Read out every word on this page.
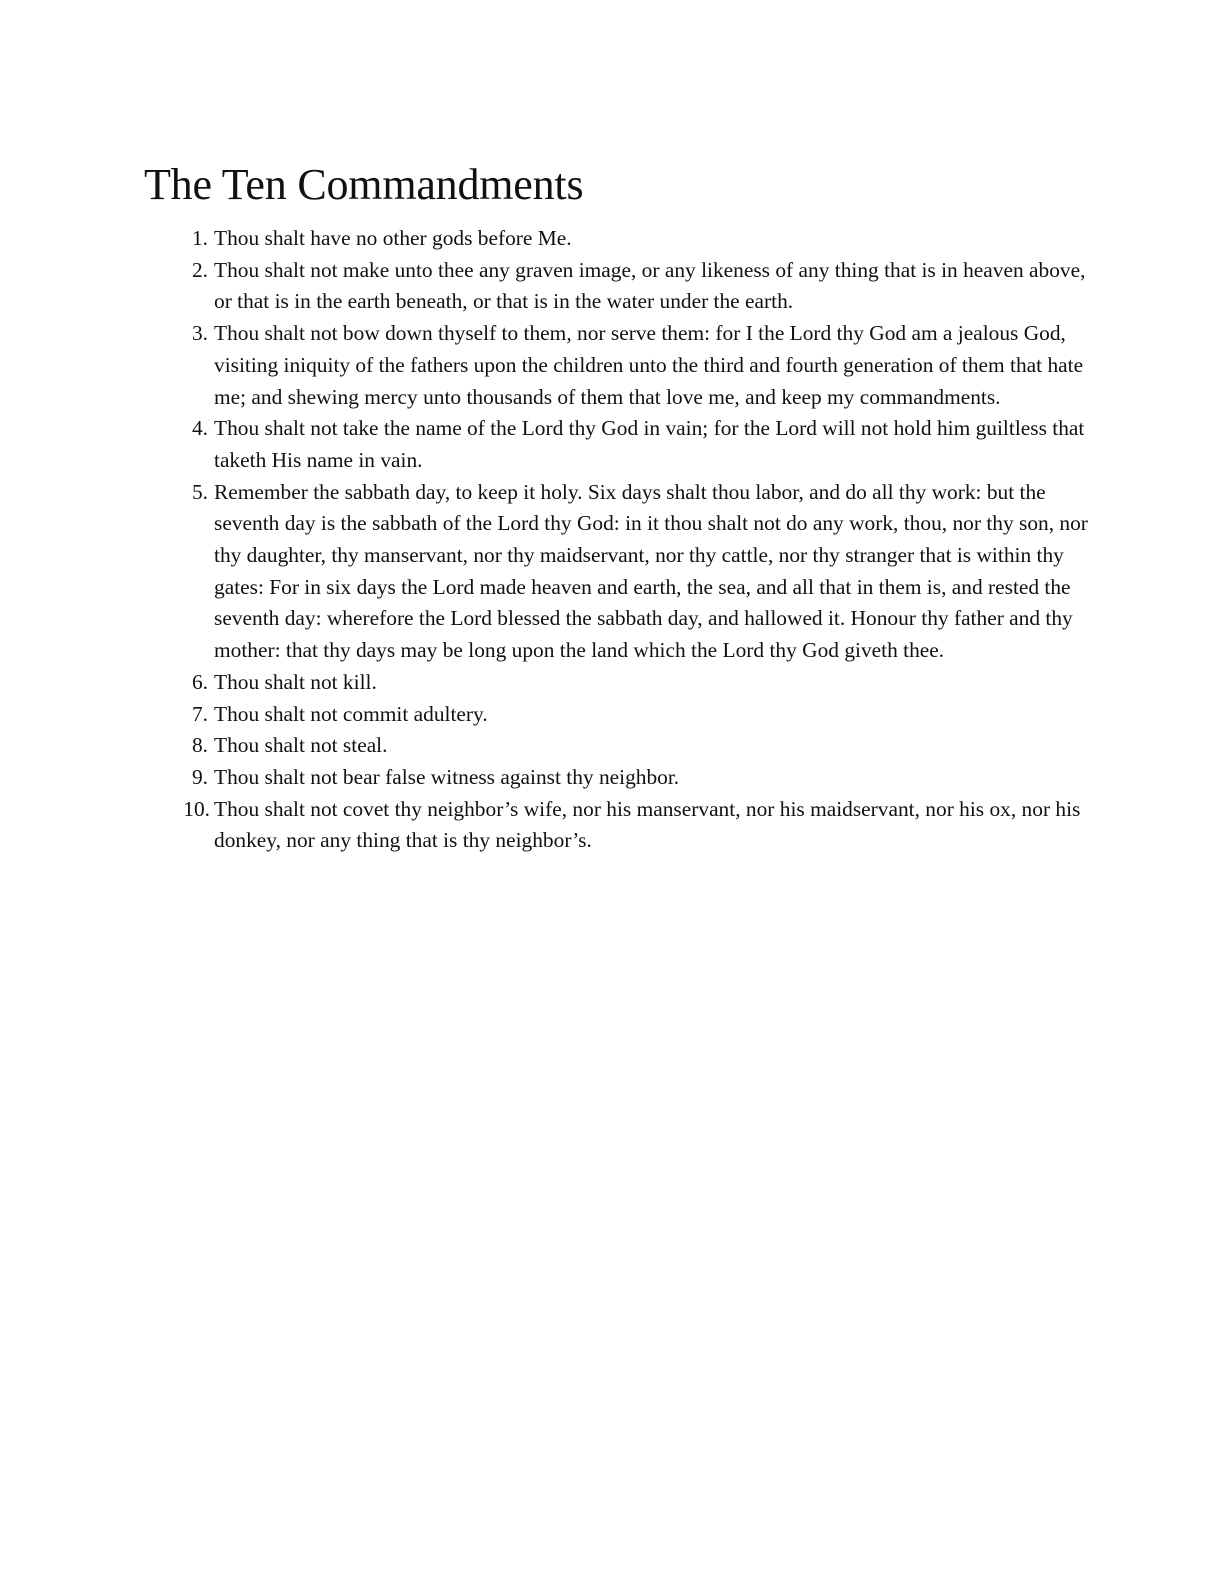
The Ten Commandments
1. Thou shalt have no other gods before Me.
2. Thou shalt not make unto thee any graven image, or any likeness of any thing that is in heaven above, or that is in the earth beneath, or that is in the water under the earth.
3. Thou shalt not bow down thyself to them, nor serve them: for I the Lord thy God am a jealous God, visiting iniquity of the fathers upon the children unto the third and fourth generation of them that hate me; and shewing mercy unto thousands of them that love me, and keep my commandments.
4. Thou shalt not take the name of the Lord thy God in vain; for the Lord will not hold him guiltless that taketh His name in vain.
5. Remember the sabbath day, to keep it holy. Six days shalt thou labor, and do all thy work: but the seventh day is the sabbath of the Lord thy God: in it thou shalt not do any work, thou, nor thy son, nor thy daughter, thy manservant, nor thy maidservant, nor thy cattle, nor thy stranger that is within thy gates: For in six days the Lord made heaven and earth, the sea, and all that in them is, and rested the seventh day: wherefore the Lord blessed the sabbath day, and hallowed it. Honour thy father and thy mother: that thy days may be long upon the land which the Lord thy God giveth thee.
6. Thou shalt not kill.
7. Thou shalt not commit adultery.
8. Thou shalt not steal.
9. Thou shalt not bear false witness against thy neighbor.
10. Thou shalt not covet thy neighbor’s wife, nor his manservant, nor his maidservant, nor his ox, nor his donkey, nor any thing that is thy neighbor’s.
